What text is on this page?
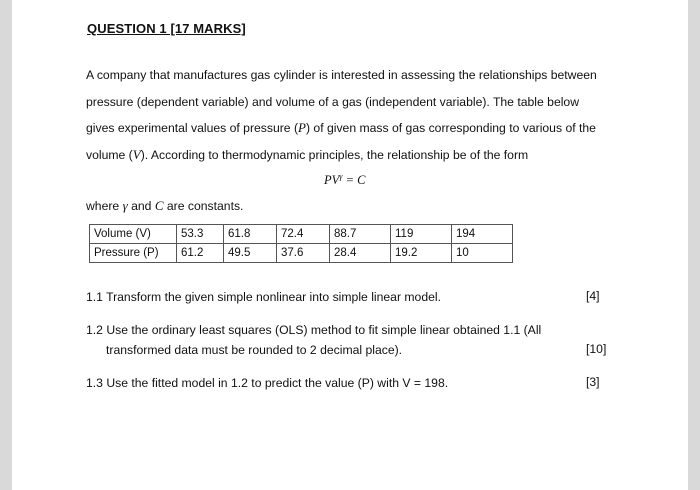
QUESTION 1 [17 MARKS]

A company that manufactures gas cylinder is interested in assessing the relationships between

pressure (dependent variable) and volume of a gas (independent variable). The table below

gives experimental values of pressure (P) of given mass of gas corresponding to various of the

volume (V). According to thermodynamic principles, the relationship be of the form

$PV^\gamma = C$
where γ and C are constants.
Volume (V)	53.3	61.8	72.4	88.7	119	194
Pressure (P)	61.2	49.5	37.6	28.4	19.2	10
1.1 Transform the given simple nonlinear into simple linear model.	[4]
1.2 Use the ordinary least squares (OLS) method to fit simple linear obtained 1.1 (All
transformed data must be rounded to 2 decimal place).	[10]
1.3 Use the fitted model in 1.2 to predict the value (P) with V = 198.	[3]
